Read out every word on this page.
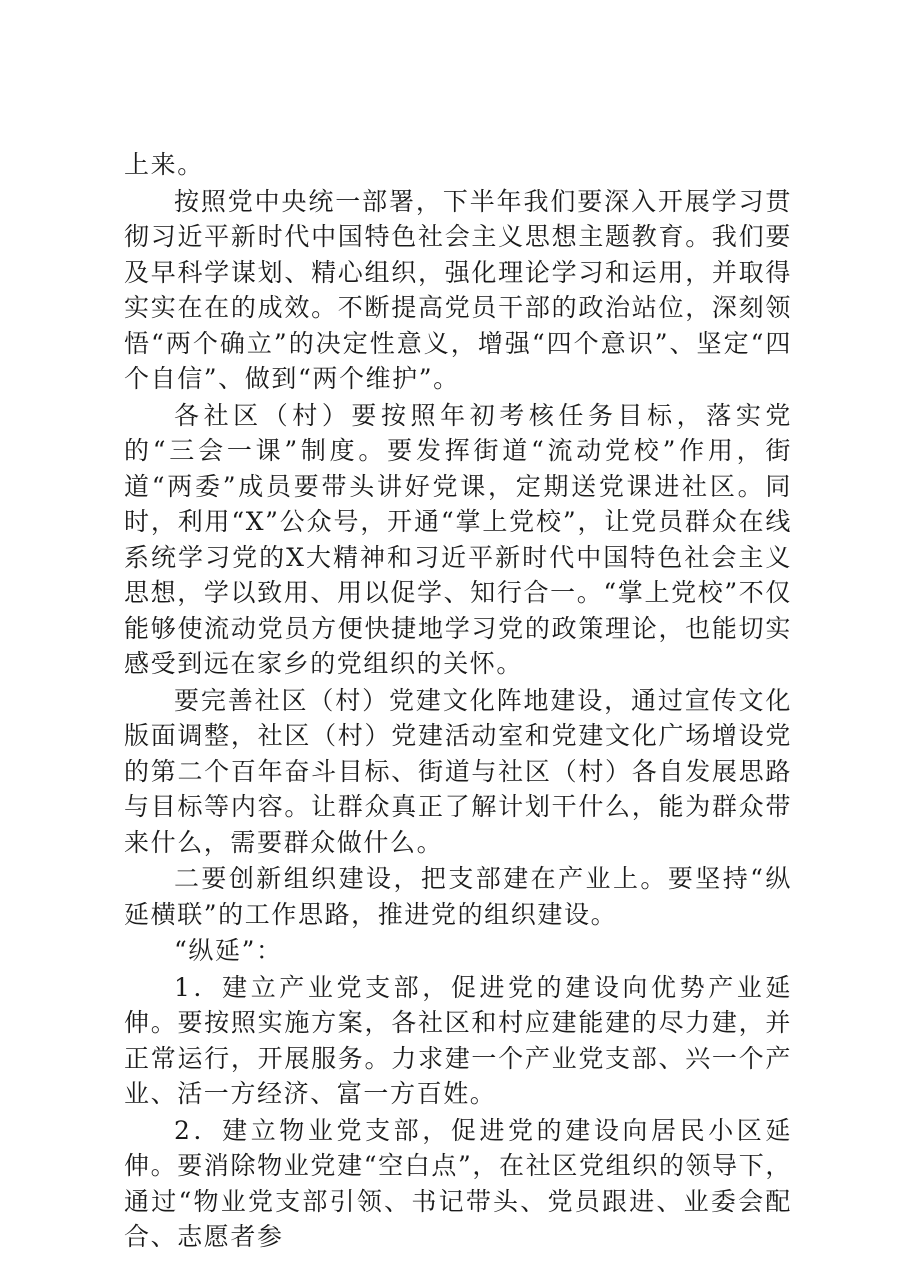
上来。

按照党中央统一部署，下半年我们要深入开展学习贯彻习近平新时代中国特色社会主义思想主题教育。我们要及早科学谋划、精心组织，强化理论学习和运用，并取得实实在在的成效。不断提高党员干部的政治站位，深刻领悟“两个确立”的决定性意义，增强“四个意识”、坚定“四个自信”、做到“两个维护”。

各社区（村）要按照年初考核任务目标，落实党的“三会一课”制度。要发挥街道“流动党校”作用，街道“两委”成员要带头讲好党课，定期送党课进社区。同时，利用“X”公众号，开通“掌上党校”，让党员群众在线系统学习党的X大精神和习近平新时代中国特色社会主义思想，学以致用、用以促学、知行合一。“掌上党校”不仅能够使流动党员方便快捷地学习党的政策理论，也能切实感受到远在家乡的党组织的关怀。

要完善社区（村）党建文化阵地建设，通过宣传文化版面调整，社区（村）党建活动室和党建文化广场增设党的第二个百年奋斗目标、街道与社区（村）各自发展思路与目标等内容。让群众真正了解计划干什么，能为群众带来什么，需要群众做什么。

二要创新组织建设，把支部建在产业上。要坚持“纵延横联”的工作思路，推进党的组织建设。

“纵延”：

1．建立产业党支部，促进党的建设向优势产业延伸。要按照实施方案，各社区和村应建能建的尽力建，并正常运行，开展服务。力求建一个产业党支部、兴一个产业、活一方经济、富一方百姓。

2．建立物业党支部，促进党的建设向居民小区延伸。要消除物业党建“空白点”，在社区党组织的领导下，通过“物业党支部引领、书记带头、党员跟进、业委会配合、志愿者参
